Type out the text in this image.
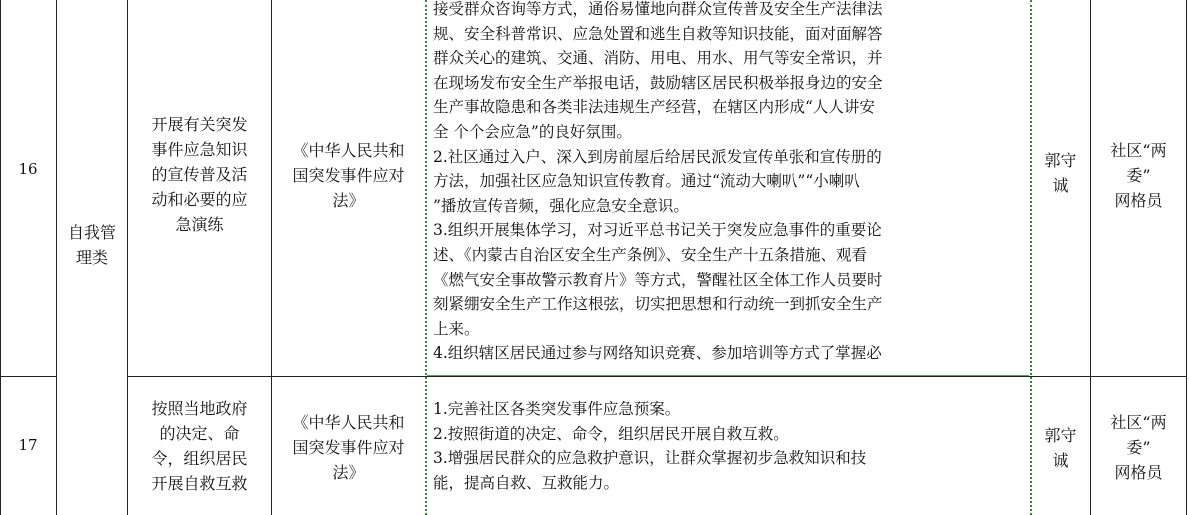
16
开展有关突发
事件应急知识
的宣传普及活
动和必要的应
急演练
《中华人民共和
国突发事件应对
法》

接受群众咨询等方式，通俗易懂地向群众宣传普及安全生产法律法

规、安全科普常识、应急处置和逃生自救等知识技能，面对面解答

群众关心的建筑、交通、消防、用电、用水、用气等安全常识，并

在现场发布安全生产举报电话，鼓励辖区居民积极举报身边的安全

生产事故隐患和各类非法违规生产经营，在辖区内形成“人人讲安

全 个个会应急”的良好氛围。

2.社区通过入户、深入到房前屋后给居民派发宣传单张和宣传册的

方法，加强社区应急知识宣传教育。通过“流动大喇叭”“小喇叭

”播放宣传音频，强化应急安全意识。

3.组织开展集体学习，对习近平总书记关于突发应急事件的重要论

述、《内蒙古自治区安全生产条例》、安全生产十五条措施、观看

《燃气安全事故警示教育片》等方式，警醒社区全体工作人员要时

刻紧绷安全生产工作这根弦，切实把思想和行动统一到抓安全生产

上来。

4.组织辖区居民通过参与网络知识竞赛、参加培训等方式了掌握必

郭守
诚
社区“两
委”
网格员
自我管
理类
17
按照当地政府
的决定、命
令，组织居民
开展自救互救
《中华人民共和
国突发事件应对
法》

1.完善社区各类突发事件应急预案。

2.按照街道的决定、命令，组织居民开展自救互救。

3.增强居民群众的应急救护意识，让群众掌握初步急救知识和技

能，提高自救、互救能力。

郭守
诚
社区“两
委”
网格员
